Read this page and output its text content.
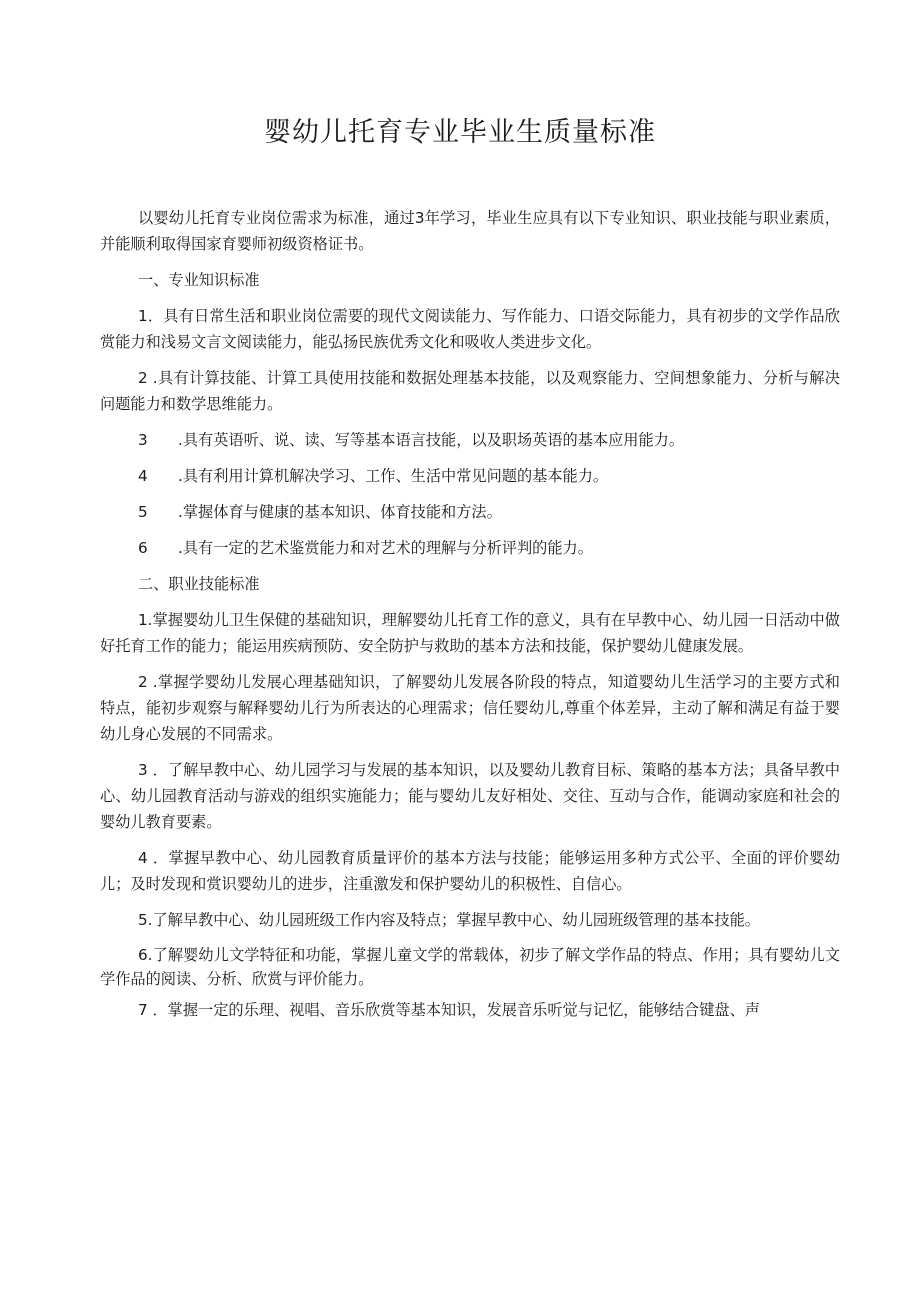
婴幼儿托育专业毕业生质量标准

以婴幼儿托育专业岗位需求为标准，通过3年学习，毕业生应具有以下专业知识、职业技能与职业素质，并能顺利取得国家育婴师初级资格证书。

一、专业知识标准

1．具有日常生活和职业岗位需要的现代文阅读能力、写作能力、口语交际能力，具有初步的文学作品欣赏能力和浅易文言文阅读能力，能弘扬民族优秀文化和吸收人类进步文化。

2 .具有计算技能、计算工具使用技能和数据处理基本技能，以及观察能力、空间想象能力、分析与解决问题能力和数学思维能力。

3　　.具有英语听、说、读、写等基本语言技能，以及职场英语的基本应用能力。

4　　.具有利用计算机解决学习、工作、生活中常见问题的基本能力。

5　　.掌握体育与健康的基本知识、体育技能和方法。

6　　.具有一定的艺术鉴赏能力和对艺术的理解与分析评判的能力。

二、职业技能标准

1.掌握婴幼儿卫生保健的基础知识，理解婴幼儿托育工作的意义，具有在早教中心、幼儿园一日活动中做好托育工作的能力；能运用疾病预防、安全防护与救助的基本方法和技能，保护婴幼儿健康发展。

2 .掌握学婴幼儿发展心理基础知识，了解婴幼儿发展各阶段的特点，知道婴幼儿生活学习的主要方式和特点，能初步观察与解释婴幼儿行为所表达的心理需求；信任婴幼儿,尊重个体差异，主动了解和满足有益于婴幼儿身心发展的不同需求。

3 ．了解早教中心、幼儿园学习与发展的基本知识，以及婴幼儿教育目标、策略的基本方法；具备早教中心、幼儿园教育活动与游戏的组织实施能力；能与婴幼儿友好相处、交往、互动与合作，能调动家庭和社会的婴幼儿教育要素。

4 ．掌握早教中心、幼儿园教育质量评价的基本方法与技能；能够运用多种方式公平、全面的评价婴幼儿；及时发现和赏识婴幼儿的进步，注重激发和保护婴幼儿的积极性、自信心。

5.了解早教中心、幼儿园班级工作内容及特点；掌握早教中心、幼儿园班级管理的基本技能。

6.了解婴幼儿文学特征和功能，掌握儿童文学的常载体，初步了解文学作品的特点、作用；具有婴幼儿文学作品的阅读、分析、欣赏与评价能力。

7 ．掌握一定的乐理、视唱、音乐欣赏等基本知识，发展音乐听觉与记忆，能够结合键盘、声
